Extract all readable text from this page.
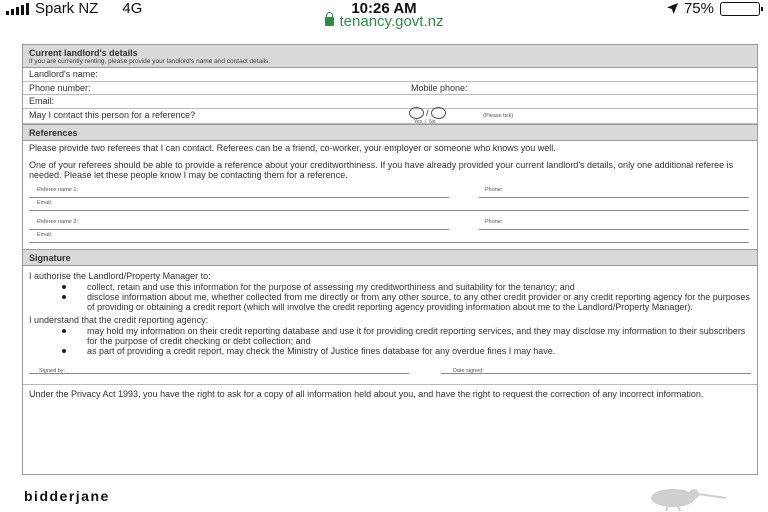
Spark NZ 4G	10:26 AM	75%
tenancy.govt.nz
Current landlord's details
If you are currently renting, please provide your landlord's name and contact details.
Landlord's name:
Phone number:	Mobile phone:
Email:
May I contact this person for a reference?	/
Yes  /  No
(Please tick)
References
Please provide two referees that I can contact. Referees can be a friend, co-worker, your employer or someone who knows you well.
One of your referees should be able to provide a reference about your creditworthiness. If you have already provided your current landlord's details, only one additional referee is needed. Please let these people know I may be contacting them for a reference.
Referee name 1:	Phone:
Email:
Referee name 2:	Phone:
Email:
Signature
I authorise the Landlord/Property Manager to:
collect, retain and use this information for the purpose of assessing my creditworthiness and suitability for the tenancy; and
disclose information about me, whether collected from me directly or from any other source, to any other credit provider or any credit reporting agency for the purposes of providing or obtaining a credit report (which will involve the credit reporting agency providing information about me to the Landlord/Property Manager).
I understand that the credit reporting agency:
may hold my information on their credit reporting database and use it for providing credit reporting services, and they may disclose my information to their subscribers for the purpose of credit checking or debt collection; and
as part of providing a credit report, may check the Ministry of Justice fines database for any overdue fines I may have.
Signed by:	Date signed:
Under the Privacy Act 1993, you have the right to ask for a copy of all information held about you, and have the right to request the correction of any incorrect information.
bidderjane
